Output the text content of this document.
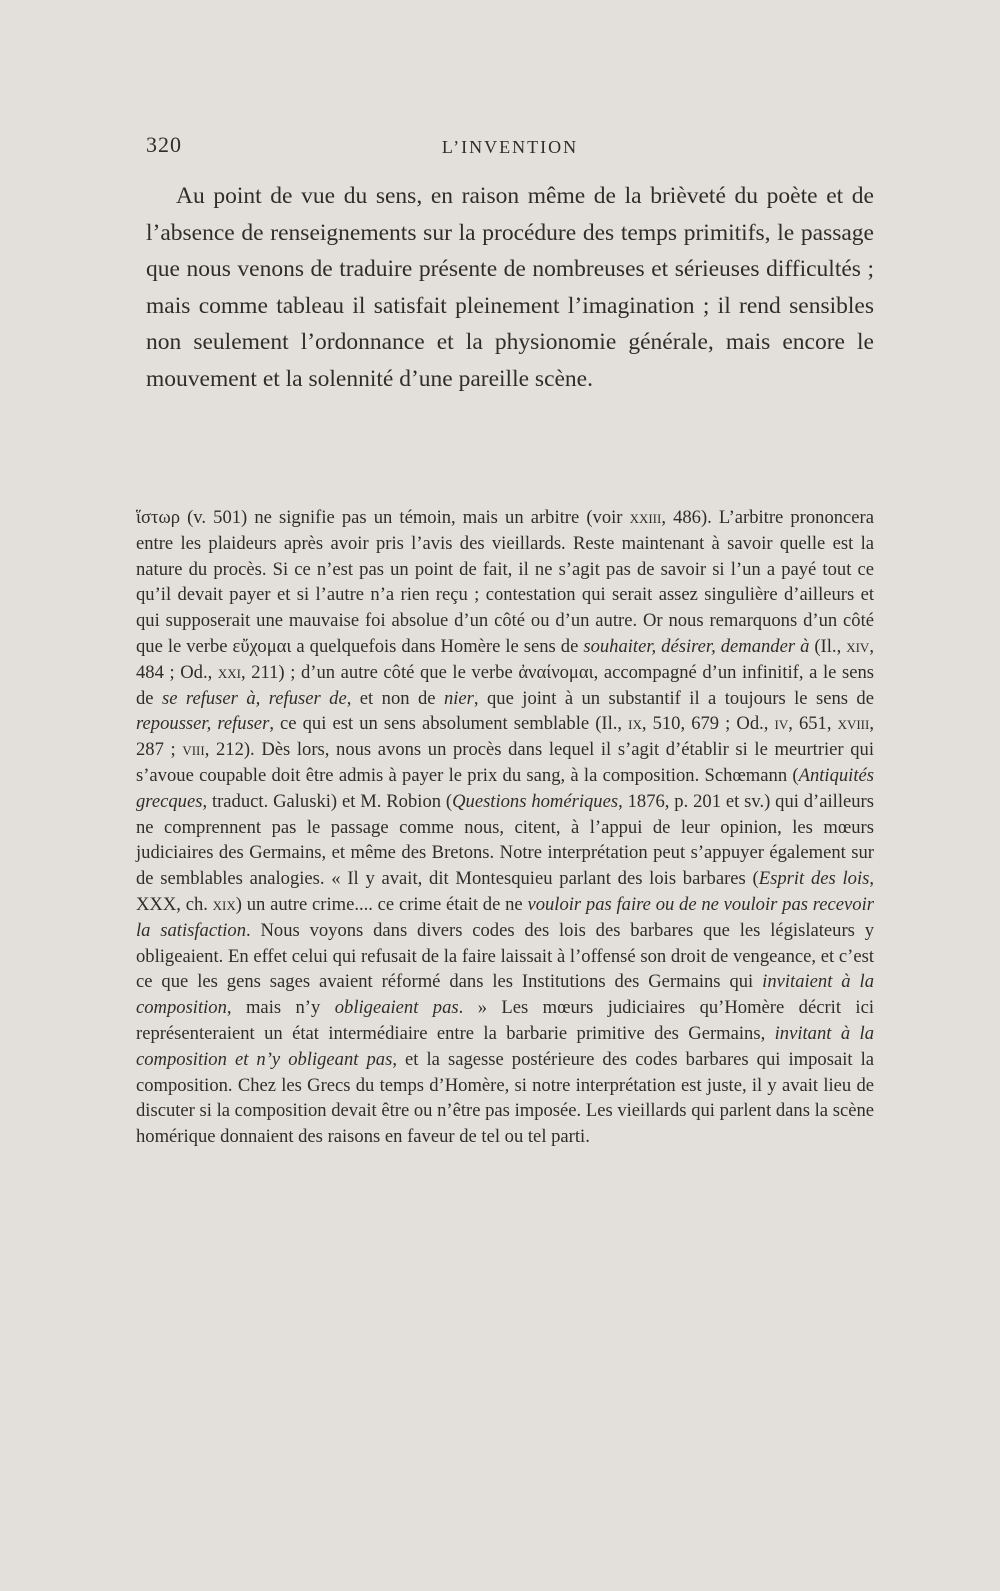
320	L’INVENTION

Au point de vue du sens, en raison même de la brièveté du poète et de l’absence de renseignements sur la procédure des temps primitifs, le passage que nous venons de traduire présente de nombreuses et sérieuses difficultés ; mais comme tableau il satisfait pleinement l’imagination ; il rend sensibles non seulement l’ordonnance et la physionomie générale, mais encore le mouvement et la solennité d’une pareille scène.

ἵστωρ (v. 501) ne signifie pas un témoin, mais un arbitre (voir xxiii, 486). L’arbitre prononcera entre les plaideurs après avoir pris l’avis des vieillards. Reste maintenant à savoir quelle est la nature du procès. Si ce n’est pas un point de fait, il ne s’agit pas de savoir si l’un a payé tout ce qu’il devait payer et si l’autre n’a rien reçu ; contestation qui serait assez singulière d’ailleurs et qui supposerait une mauvaise foi absolue d’un côté ou d’un autre. Or nous remarquons d’un côté que le verbe εὔχομαι a quelquefois dans Homère le sens de souhaiter, désirer, demander à (Il., xiv, 484 ; Od., xxi, 211) ; d’un autre côté que le verbe ἀναίνομαι, accompagné d’un infinitif, a le sens de se refuser à, refuser de, et non de nier, que joint à un substantif il a toujours le sens de repousser, refuser, ce qui est un sens absolument semblable (Il., ix, 510, 679 ; Od., iv, 651, xviii, 287 ; viii, 212). Dès lors, nous avons un procès dans lequel il s’agit d’établir si le meurtrier qui s’avoue coupable doit être admis à payer le prix du sang, à la composition. Schœmann (Antiquités grecques, traduct. Galuski) et M. Robion (Questions homériques, 1876, p. 201 et sv.) qui d’ailleurs ne comprennent pas le passage comme nous, citent, à l’appui de leur opinion, les mœurs judiciaires des Germains, et même des Bretons. Notre interprétation peut s’appuyer également sur de semblables analogies. « Il y avait, dit Montesquieu parlant des lois barbares (Esprit des lois, XXX, ch. xix) un autre crime.... ce crime était de ne vouloir pas faire ou de ne vouloir pas recevoir la satisfaction. Nous voyons dans divers codes des lois des barbares que les législateurs y obligeaient. En effet celui qui refusait de la faire laissait à l’offensé son droit de vengeance, et c’est ce que les gens sages avaient réformé dans les Institutions des Germains qui invitaient à la composition, mais n’y obligeaient pas. » Les mœurs judiciaires qu’Homère décrit ici représenteraient un état intermédiaire entre la barbarie primitive des Germains, invitant à la composition et n’y obligeant pas, et la sagesse postérieure des codes barbares qui imposait la composition. Chez les Grecs du temps d’Homère, si notre interprétation est juste, il y avait lieu de discuter si la composition devait être ou n’être pas imposée. Les vieillards qui parlent dans la scène homérique donnaient des raisons en faveur de tel ou tel parti.
